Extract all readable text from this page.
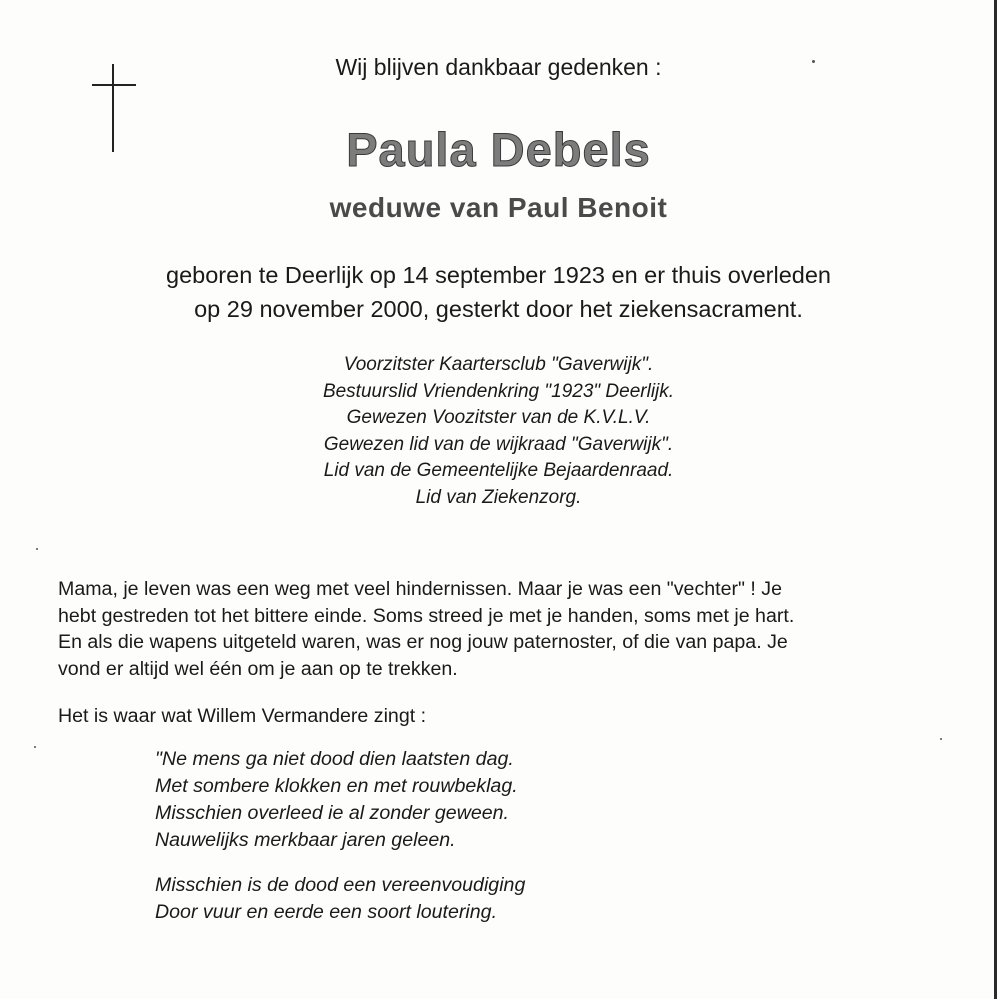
Wij blijven dankbaar gedenken :
Paula Debels
weduwe van Paul Benoit
geboren te Deerlijk op 14 september 1923 en er thuis overleden
op 29 november 2000, gesterkt door het ziekensacrament.
Voorzitster Kaartersclub "Gaverwijk".
Bestuurslid Vriendenkring "1923" Deerlijk.
Gewezen Voozitster van de K.V.L.V.
Gewezen lid van de wijkraad "Gaverwijk".
Lid van de Gemeentelijke Bejaardenraad.
Lid van Ziekenzorg.
Mama, je leven was een weg met veel hindernissen. Maar je was een "vechter" ! Je
hebt gestreden tot het bittere einde. Soms streed je met je handen, soms met je hart.
En als die wapens uitgeteld waren, was er nog jouw paternoster, of die van papa. Je
vond er altijd wel één om je aan op te trekken.
Het is waar wat Willem Vermandere zingt :
"Ne mens ga niet dood dien laatsten dag.
Met sombere klokken en met rouwbeklag.
Misschien overleed ie al zonder geween.
Nauwelijks merkbaar jaren geleen.
Misschien is de dood een vereenvoudiging
Door vuur en eerde een soort loutering.
